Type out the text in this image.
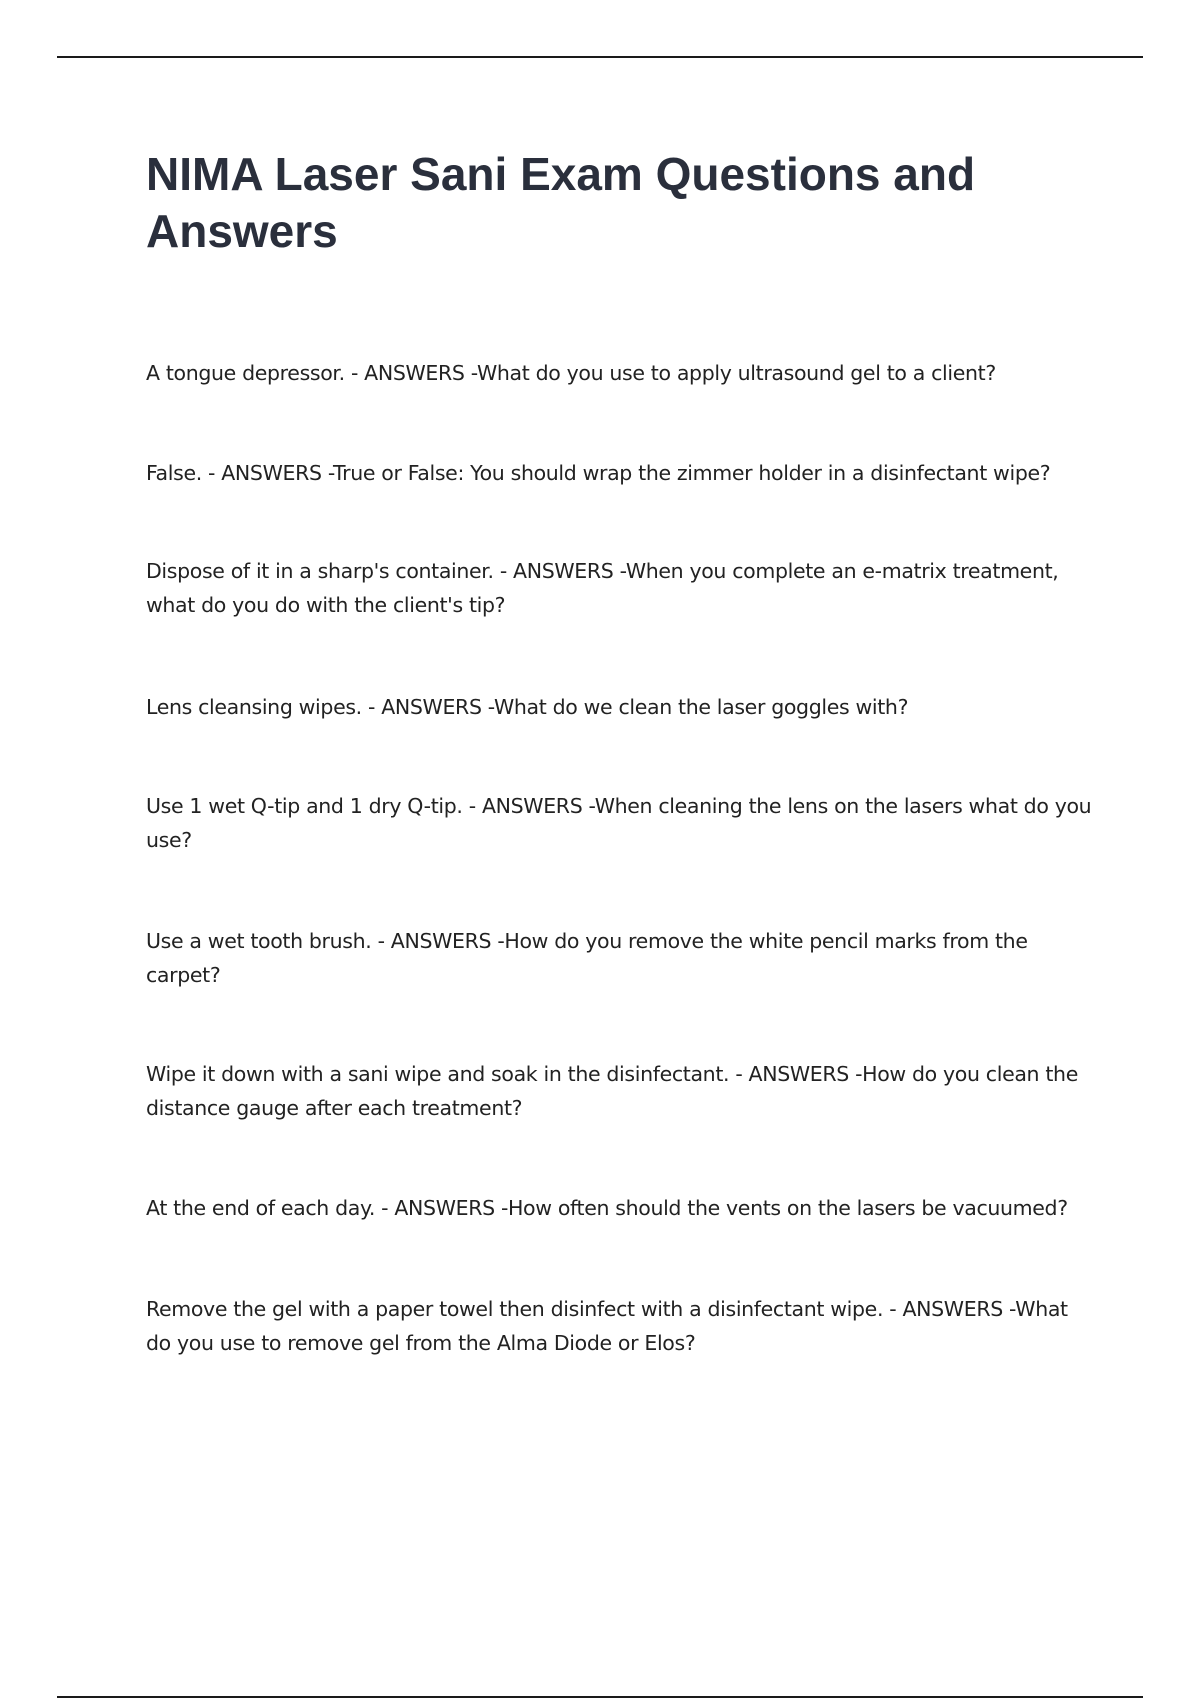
NIMA Laser Sani Exam Questions and Answers
A tongue depressor. - ANSWERS -What do you use to apply ultrasound gel to a client?
False. - ANSWERS -True or False: You should wrap the zimmer holder in a disinfectant wipe?
Dispose of it in a sharp's container. - ANSWERS -When you complete an e-matrix treatment, what do you do with the client's tip?
Lens cleansing wipes. - ANSWERS -What do we clean the laser goggles with?
Use 1 wet Q-tip and 1 dry Q-tip. - ANSWERS -When cleaning the lens on the lasers what do you use?
Use a wet tooth brush. - ANSWERS -How do you remove the white pencil marks from the carpet?
Wipe it down with a sani wipe and soak in the disinfectant. - ANSWERS -How do you clean the distance gauge after each treatment?
At the end of each day. - ANSWERS -How often should the vents on the lasers be vacuumed?
Remove the gel with a paper towel then disinfect with a disinfectant wipe. - ANSWERS -What do you use to remove gel from the Alma Diode or Elos?
